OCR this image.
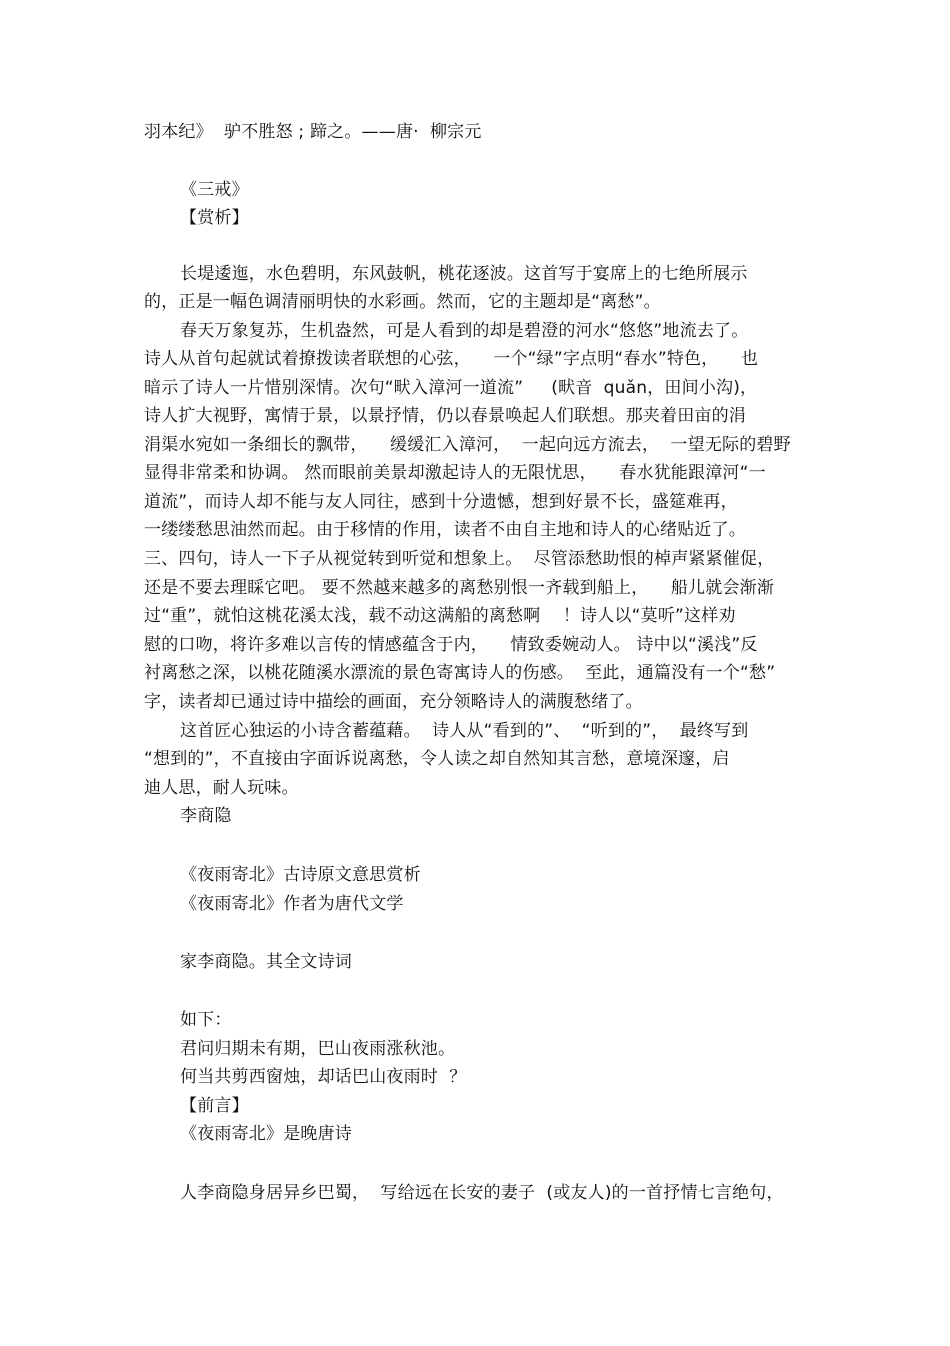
羽本纪》  驴不胜怒 ; 蹄之。——唐·  柳宗元
《三戒》
【赏析】
长堤逶迤，水色碧明，东风鼓帆，桃花逐波。这首写于宴席上的七绝所展示
的，正是一幅色调清丽明快的水彩画。然而，它的主题却是“离愁”。
春天万象复苏，生机盎然，可是人看到的却是碧澄的河水“悠悠”地流去了。
诗人从首句起就试着撩拨读者联想的心弦，    一个“绿”字点明“春水”特色，    也
暗示了诗人一片惜别深情。次句“畎入漳河一道流”     (畎音  quǎn，田间小沟)，
诗人扩大视野，寓情于景，以景抒情，仍以春景唤起人们联想。那夹着田亩的涓
涓渠水宛如一条细长的飘带，    缓缓汇入漳河，  一起向远方流去，  一望无际的碧野
显得非常柔和协调。 然而眼前美景却激起诗人的无限忧思，    春水犹能跟漳河“一
道流”，而诗人却不能与友人同往，感到十分遗憾，想到好景不长，盛筵难再，
一缕缕愁思油然而起。由于移情的作用，读者不由自主地和诗人的心绪贴近了。
三、四句，诗人一下子从视觉转到听觉和想象上。  尽管添愁助恨的棹声紧紧催促，
还是不要去理睬它吧。 要不然越来越多的离愁别恨一齐载到船上，    船儿就会渐渐
过“重”，就怕这桃花溪太浅，载不动这满船的离愁啊    ！诗人以“莫听”这样劝
慰的口吻，将许多难以言传的情感蕴含于内，    情致委婉动人。 诗中以“溪浅”反
衬离愁之深，以桃花随溪水漂流的景色寄寓诗人的伤感。  至此，通篇没有一个“愁”
字，读者却已通过诗中描绘的画面，充分领略诗人的满腹愁绪了。
这首匠心独运的小诗含蓄蕴藉。  诗人从“看到的”、  “听到的”，  最终写到
“想到的”，不直接由字面诉说离愁，令人读之却自然知其言愁，意境深邃，启
迪人思，耐人玩味。
李商隐
《夜雨寄北》古诗原文意思赏析
《夜雨寄北》作者为唐代文学
家李商隐。其全文诗词
如下：
君问归期未有期，巴山夜雨涨秋池。
何当共剪西窗烛，却话巴山夜雨时  ？
【前言】
《夜雨寄北》是晚唐诗
人李商隐身居异乡巴蜀，  写给远在长安的妻子  (或友人)的一首抒情七言绝句，
